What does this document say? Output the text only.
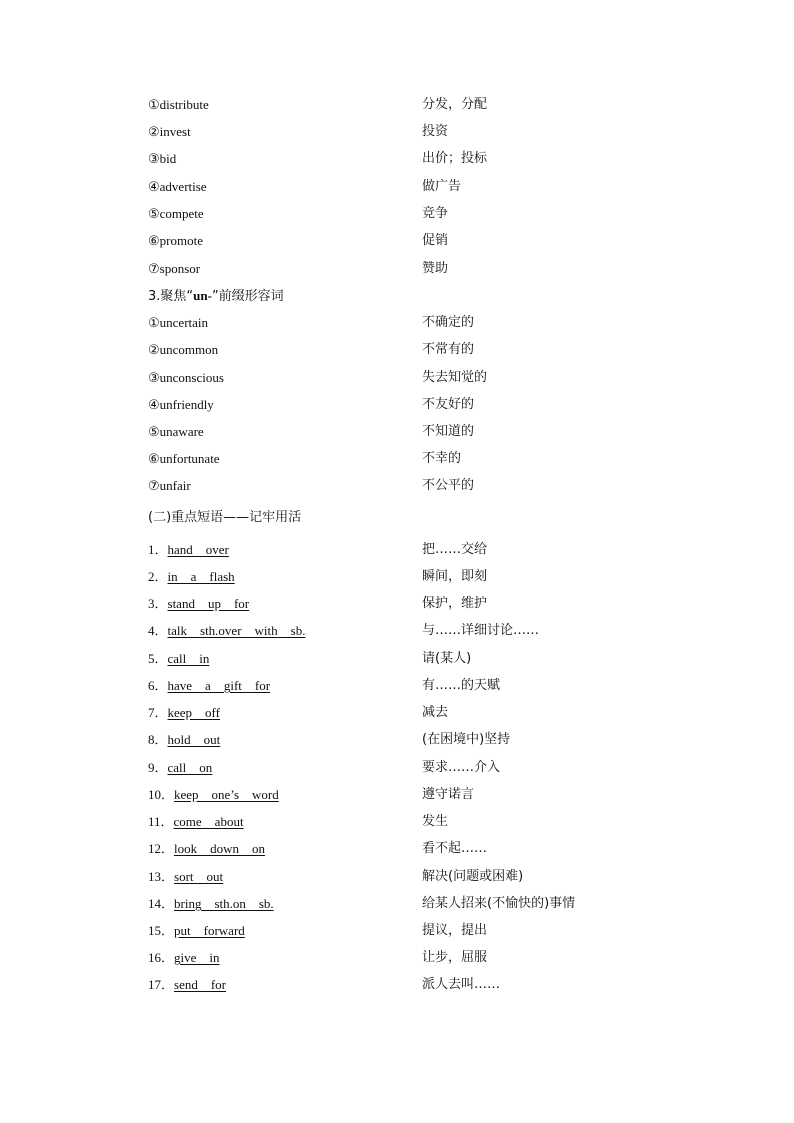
①distribute	分发，分配
②invest	投资
③bid	出价；投标
④advertise	做广告
⑤compete	竞争
⑥promote	促销
⑦sponsor	赞助
3.聚焦“un-”前缀形容词
①uncertain	不确定的
②uncommon	不常有的
③unconscious	失去知觉的
④unfriendly	不友好的
⑤unaware	不知道的
⑥unfortunate	不幸的
⑦unfair	不公平的
(二)重点短语——记牢用活
1．hand    over	把……交给
2．in    a    flash	瞬间，即刻
3．stand    up    for	保护，维护
4．talk    sth.over    with    sb.	与……详细讨论……
5．call    in	请(某人)
6．have    a    gift    for	有……的天赋
7．keep    off	减去
8．hold    out	(在困境中)坚持
9．call    on	要求……介入
10．keep    one’s    word	遵守诺言
11．come    about	发生
12．look    down    on	看不起……
13．sort    out	解决(问题或困难)
14．bring    sth.on    sb.	给某人招来(不愉快的)事情
15．put    forward	提议，提出
16．give    in	让步，屈服
17．send    for	派人去叫……
